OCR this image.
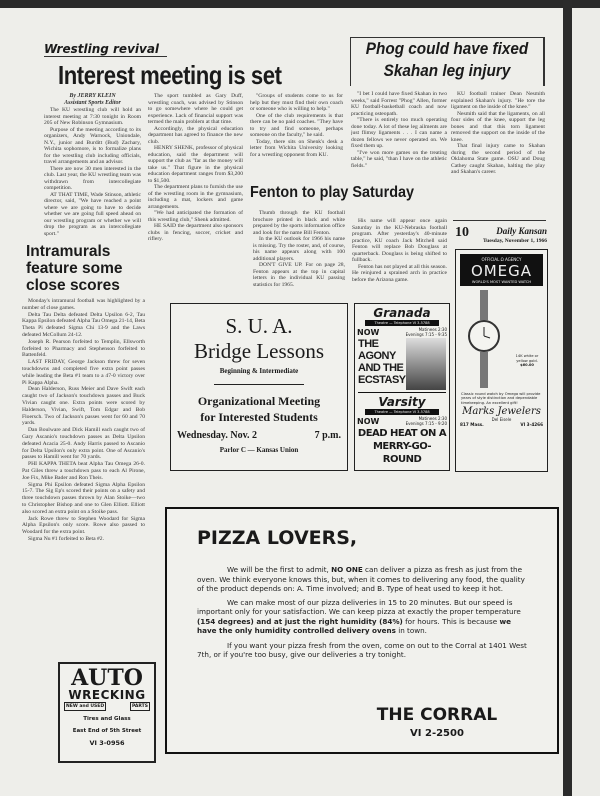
Wrestling revival
Interest meeting is set
By JERRY KLEIN
Assistant Sports Editor

The KU wrestling club will hold an interest meeting at 7:30 tonight in Room 205 of New Robinson Gymnasium.

Purpose of the meeting according to its organizers, Andy Warnock, Uniondale, N.Y., junior and Burditt (Bud) Zachary, Wichita sophomore, is to formalize plans for the wrestling club including officials, travel arrangements and an advisor.

There are now 30 men interested in the club. Last year, the KU wrestling team was withdrawn from intercollegiate competition.

AT THAT TIME, Wade Stinson, athletic director, said, "We have reached a point where we are going to have to decide whether we are going full speed ahead on our wrestling program or whether we will drop the program as an intercollegiate sport."

The sport tumbled as Gary Duff, wrestling coach, was advised by Stinson to go somewhere where he could get experience. Lack of financial support was termed the main problem at that time.

Accordingly, the physical education department has agreed to finance the new club.

HENRY SHENK, professor of physical education, said the department will support the club as "far as the money will take us." That figure in the physical education department ranges from $3,200 to $1,500.

The department plans to furnish the use of the wrestling room in the gymnasium, including a mat, lockers and game arrangements.

"We had anticipated the formation of this wrestling club," Shenk admitted.

HE SAID the department also sponsors clubs in fencing, soccer, cricket and riflery.

"Groups of students come to us for help but they must find their own coach or someone who is willing to help."

One of the club requirements is that there can be no paid coaches. "They have to try and find someone, perhaps someone on the faculty," he said.

Today, there sits on Shenk's desk a letter from Wichita University looking for a wrestling opponent from KU.

Phog could have fixed
Skahan leg injury

"I bet I could have fixed Skahan in two weeks," said Forrest "Phog" Allen, former KU football-basketball coach and now practicing osteopath.

"There is entirely too much operating done today. A lot of these leg ailments are just flimsy ligaments . . . I can name a dozen fellows we never operated on. We fixed them up.

"I've won more games on the treating table," he said, "than I have on the athletic fields."

KU football trainer Dean Nesmith explained Skahan's injury. "He tore the ligament on the inside of the knee."

Nesmith said that the ligaments, on all four sides of the knee, support the leg bones and that this torn ligament removed the support on the inside of the knee.

That final injury came to Skahan during the second period of the Oklahoma State game. OSU and Doug Cathey caught Skahan, halting the play and Skahan's career.

Fenton to play Saturday

Thumb through the KU football brochure printed in black and white prepared by the sports information office and look for the name Bill Fenton.

In the KU outlook for 1966 his name is missing. Try the roster, and, of course, his name appears along with 100 additional players.

DON'T GIVE UP. For on page 28, Fenton appears at the top in capital letters in the individual KU passing statistics for 1965.

His name will appear once again Saturday in the KU-Nebraska football program. After yesterday's 40-minute practice, KU coach Jack Mitchell said Fenton will replace Bob Douglass at quarterback. Douglass is being shifted to fullback.

Fenton has not played at all this season. He reinjured a sprained arch in practice before the Arizona game.

10	Daily Kansan
Tuesday, November 1, 1966
Intramurals feature some close scores

Monday's intramural football was highlighted by a number of close games.

Delta Tau Delta defeated Delta Upsilon 6-2, Tau Kappa Epsilon defeated Alpha Tau Omega 21-14, Beta Theta Pi defeated Sigma Chi 13-9 and the Laws defeated McCollum 24-12.

Joseph R. Pearson forfeited to Templin, Ellsworth forfeited to Pharmacy and Stephenson forfeited to Battenfeld.

LAST FRIDAY, George Jackson threw for seven touchdowns and completed five extra point passes while leading the Beta #1 team to a 47-0 victory over Pi Kappa Alpha.

Dean Halderson, Russ Meier and Dave Swift each caught two of Jackson's touchdown passes and Buck Vivian caught one. Extra points were scored by Halderson, Vivian, Swift, Tom Edgar and Bob Floersch. Two of Jackson's passes went for 60 and 70 yards.

Dan Boulware and Dick Hamill each caught two of Gary Ascanio's touchdown passes as Delta Upsilon defeated Acacia 25-0. Andy Harris passed to Ascanio for Delta Upsilon's only extra point. One of Ascanio's passes to Hamill went for 70 yards.

PHI KAPPA THETA beat Alpha Tau Omega 26-0. Pat Giles threw a touchdown pass to each Al Pirone, Joe Fix, Mike Bader and Ron Theis.

Sigma Phi Epsilon defeated Sigma Alpha Epsilon 15-7. The Sig Ep's scored their points on a safety and three touchdown passes thrown by Alan Stoike—two to Christopher Bishop and one to Glen Elliott. Elliott also scored an extra point on a Stoike pass.

Jack Rowe threw to Stephen Woodard for Sigma Alpha Epsilon's only score. Rowe also passed to Woodard for the extra point.

Sigma Nu #1 forfeited to Beta #2.

S. U. A.
Bridge Lessons
Beginning & Intermediate
Organizational Meeting
for Interested Students
Wednesday. Nov. 2	7 p.m.
Parlor C — Kansas Union
Granada
Theatre — Telephone VI 3-5788
NOW	Matinees 2:30
Evenings 7:15 - 9:35
THE AGONY AND THE ECSTASY
Varsity
Theatre — Telephone VI 3-5788
NOW	Matinees 2:30
Evenings 7:15 - 9:20
DEAD HEAT ON A MERRY-GO-ROUND
OFFICIAL Ω AGENCY
OMEGA
WORLD'S MOST WANTED WATCH
14K white or yellow gold.
$60.00
Classic round watch by Omega will provide years of style distinction and dependable timekeeping. An excellent gift!
Marks Jewelers
Del Eisele
817 Mass.	VI 3-4266
PIZZA LOVERS,

We will be the first to admit, NO ONE can deliver a pizza as fresh as just from the oven. We think everyone knows this, but, when it comes to delivering any food, the quality of the product depends on: A. Time involved; and B. Type of heat used to keep it hot.

We can make most of our pizza deliveries in 15 to 20 minutes. But our speed is important only for your satisfaction. We can keep pizza at exactly the proper temperature (154 degrees) and at just the right humidity (84%) for hours. This is because we have the only humidity controlled delivery ovens in town.

If you want your pizza fresh from the oven, come on out to the Corral at 1401 West 7th, or if you're too busy, give our deliveries a try tonight.

THE CORRAL
VI 2-2500
AUTO
WRECKING
NEW and USED	PARTS
Tires and Glass
East End of 5th Street
VI 3-0956
